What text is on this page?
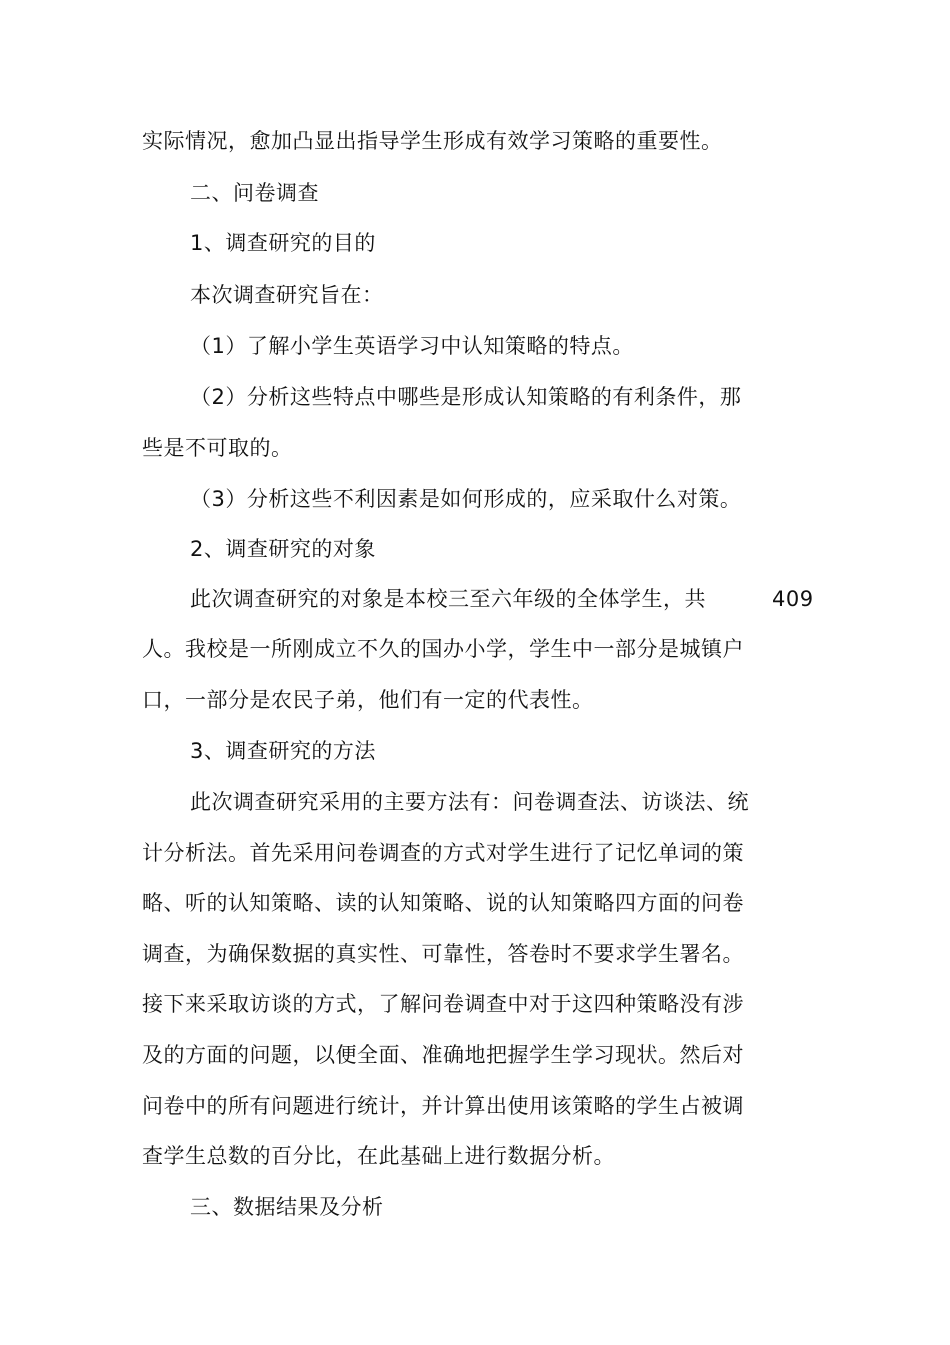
实际情况，愈加凸显出指导学生形成有效学习策略的重要性。
二、问卷调查
1、调查研究的目的
本次调查研究旨在：
（1）了解小学生英语学习中认知策略的特点。
（2）分析这些特点中哪些是形成认知策略的有利条件，那
些是不可取的。
（3）分析这些不利因素是如何形成的，应采取什么对策。
2、调查研究的对象
此次调查研究的对象是本校三至六年级的全体学生，共	409
人。我校是一所刚成立不久的国办小学，学生中一部分是城镇户
口，一部分是农民子弟，他们有一定的代表性。
3、调查研究的方法
此次调查研究采用的主要方法有：问卷调查法、访谈法、统
计分析法。首先采用问卷调查的方式对学生进行了记忆单词的策
略、听的认知策略、读的认知策略、说的认知策略四方面的问卷
调查，为确保数据的真实性、可靠性，答卷时不要求学生署名。
接下来采取访谈的方式，了解问卷调查中对于这四种策略没有涉
及的方面的问题，以便全面、准确地把握学生学习现状。然后对
问卷中的所有问题进行统计，并计算出使用该策略的学生占被调
查学生总数的百分比，在此基础上进行数据分析。
三、数据结果及分析
